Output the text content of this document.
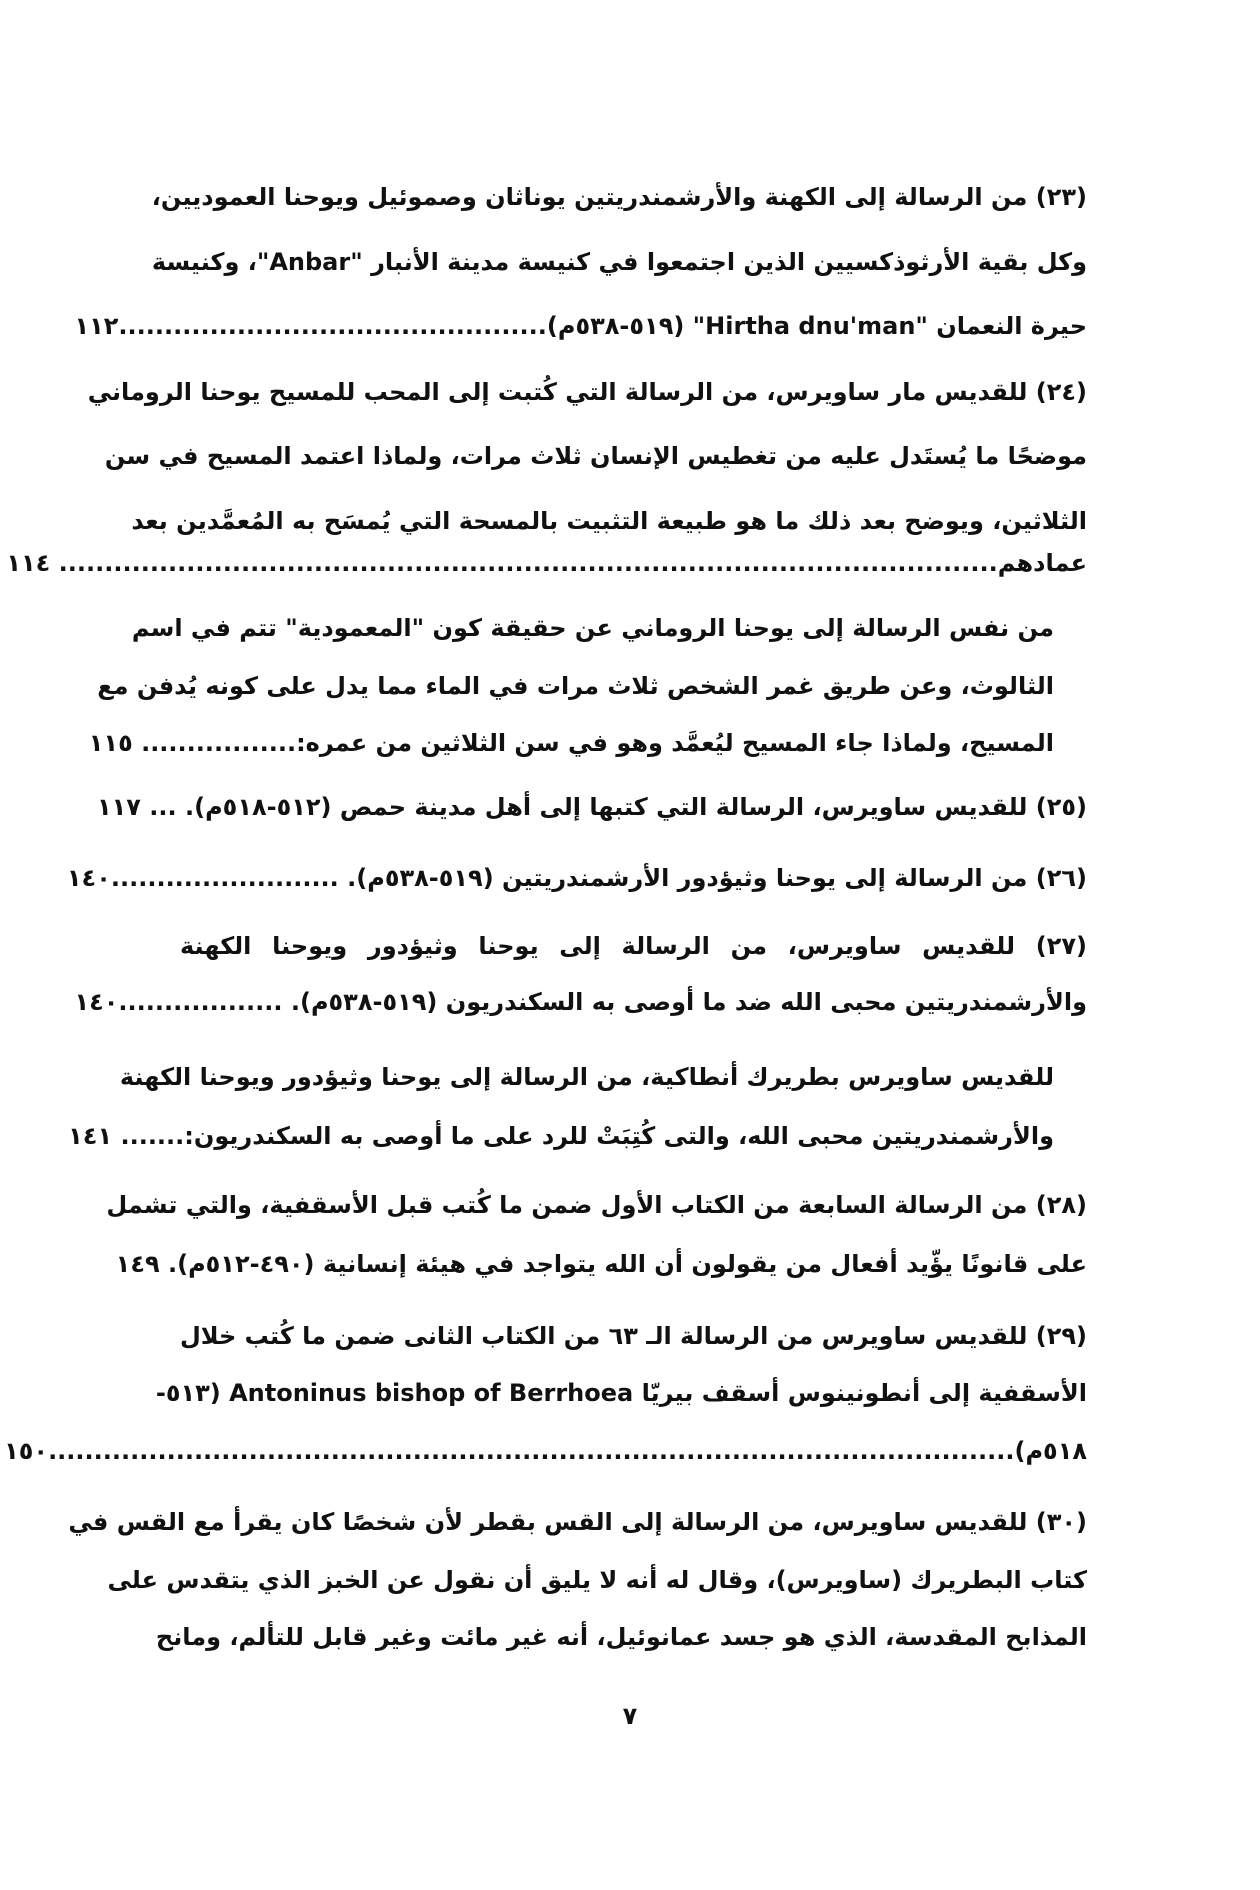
(٢٣) من الرسالة إلى الكهنة والأرشمندريتين يوناثان وصموئيل ويوحنا العموديين،
وكل بقية الأرثوذكسيين الذين اجتمعوا في كنيسة مدينة الأنبار "Anbar"، وكنيسة
حيرة النعمان "Hirtha dnu'man" (٥١٩-٥٣٨م)...............................................١١٢
(٢٤) للقديس مار ساويرس، من الرسالة التي كُتبت إلى المحب للمسيح يوحنا الروماني
موضحًا ما يُستَدل عليه من تغطيس الإنسان ثلاث مرات، ولماذا اعتمد المسيح في سن
الثلاثين، ويوضح بعد ذلك ما هو طبيعة التثبيت بالمسحة التي يُمسَح به المُعمَّدين بعد
عمادهم....................................................................................................... ١١٤
من نفس الرسالة إلى يوحنا الروماني عن حقيقة كون "المعمودية" تتم في اسم
الثالوث، وعن طريق غمر الشخص ثلاث مرات في الماء مما يدل على كونه يُدفن مع
المسيح، ولماذا جاء المسيح ليُعمَّد وهو في سن الثلاثين من عمره:................. ١١٥
(٢٥) للقديس ساويرس، الرسالة التي كتبها إلى أهل مدينة حمص (٥١٢-٥١٨م). ... ١١٧
(٢٦) من الرسالة إلى يوحنا وثيؤدور الأرشمندريتين (٥١٩-٥٣٨م). .........................١٤٠
(٢٧) للقديس ساويرس، من الرسالة إلى يوحنا وثيؤدور ويوحنا الكهنة
والأرشمندريتين محبى الله ضد ما أوصى به السكندريون (٥١٩-٥٣٨م). ..................١٤٠
للقديس ساويرس بطريرك أنطاكية، من الرسالة إلى يوحنا وثيؤدور ويوحنا الكهنة
والأرشمندريتين محبى الله، والتى كُتِبَتْ للرد على ما أوصى به السكندريون:....... ١٤١
(٢٨) من الرسالة السابعة من الكتاب الأول ضمن ما كُتب قبل الأسقفية، والتي تشمل
على قانونًا يؤّيد أفعال من يقولون أن الله يتواجد في هيئة إنسانية (٤٩٠-٥١٢م). ١٤٩
(٢٩) للقديس ساويرس من الرسالة الـ ٦٣ من الكتاب الثانى ضمن ما كُتب خلال
الأسقفية إلى أنطونينوس أسقف بيريّا Antoninus bishop of Berrhoea (٥١٣-
٥١٨م)..........................................................................................................١٥٠
(٣٠) للقديس ساويرس، من الرسالة إلى القس بقطر لأن شخصًا كان يقرأ مع القس في
كتاب البطريرك (ساويرس)، وقال له أنه لا يليق أن نقول عن الخبز الذي يتقدس على
المذابح المقدسة، الذي هو جسد عمانوئيل، أنه غير مائت وغير قابل للتألم، ومانح
٧
